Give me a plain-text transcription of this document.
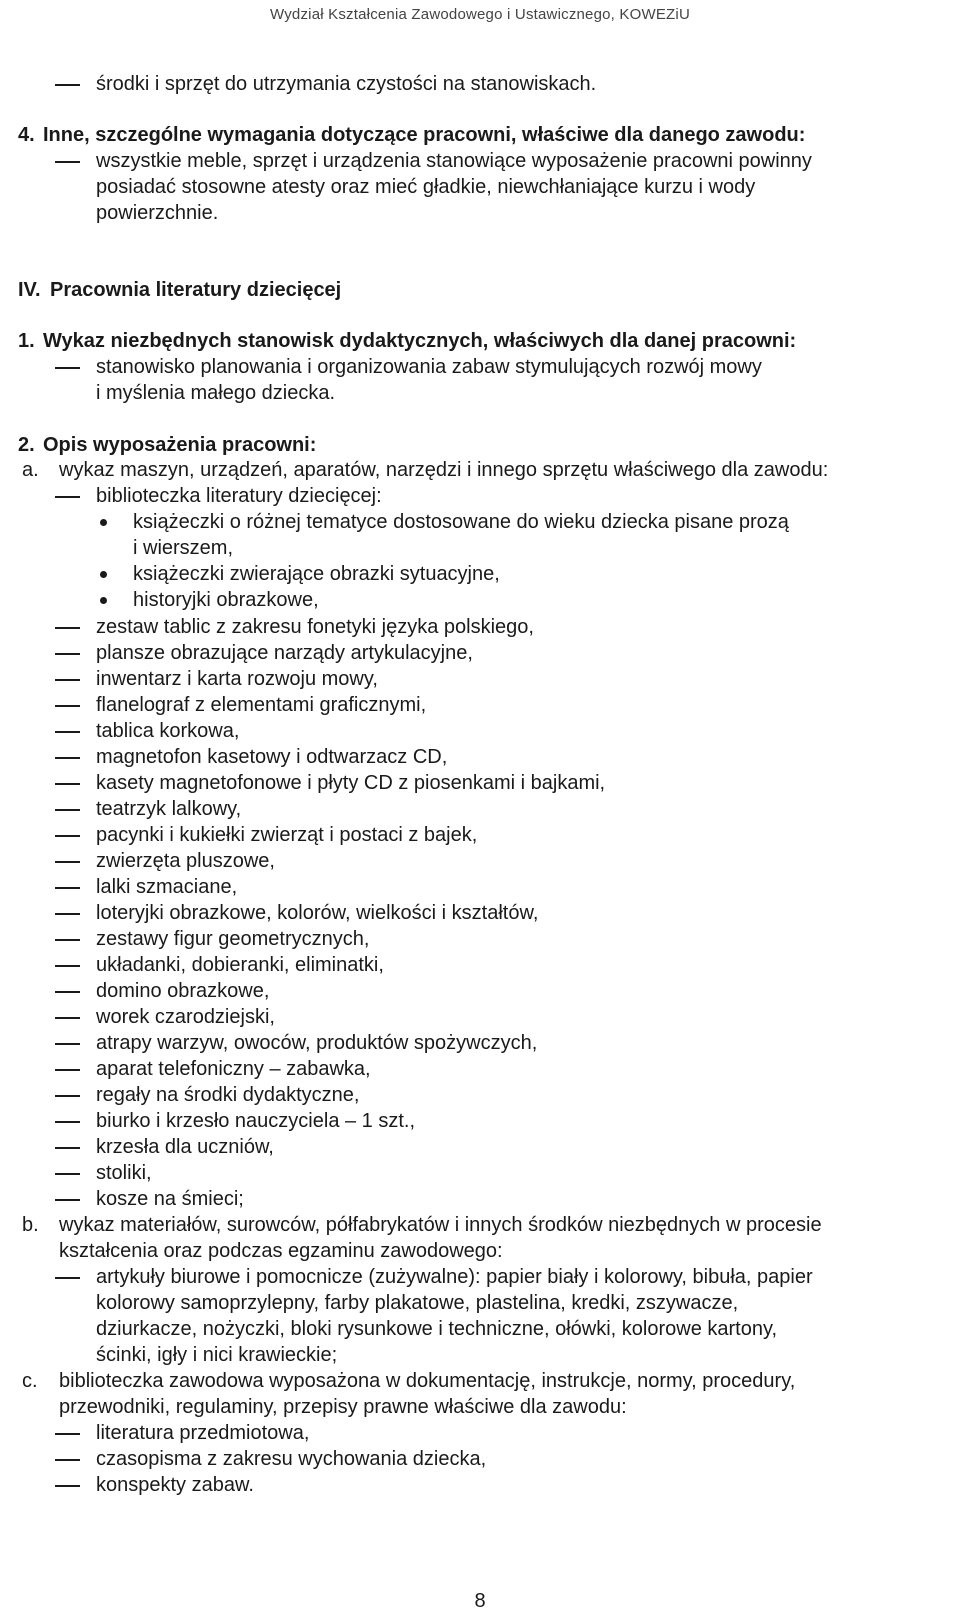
Wydział Kształcenia Zawodowego i Ustawicznego, KOWEZiU
środki i sprzęt do utrzymania czystości na stanowiskach.
4. Inne, szczególne wymagania dotyczące pracowni, właściwe dla danego zawodu:
wszystkie meble, sprzęt i urządzenia stanowiące wyposażenie pracowni powinny
posiadać stosowne atesty oraz mieć gładkie, niewchłaniające kurzu i wody
powierzchnie.
IV. Pracownia literatury dziecięcej
1. Wykaz niezbędnych stanowisk dydaktycznych, właściwych dla danej pracowni:
stanowisko planowania i organizowania zabaw stymulujących rozwój mowy
i myślenia małego dziecka.
2. Opis wyposażenia pracowni:
a. wykaz maszyn, urządzeń, aparatów, narzędzi i innego sprzętu właściwego dla zawodu:
biblioteczka literatury dziecięcej:
książeczki o różnej tematyce dostosowane do wieku dziecka pisane prozą
i wierszem,
książeczki zwierające obrazki sytuacyjne,
historyjki obrazkowe,
zestaw tablic z zakresu fonetyki języka polskiego,
plansze obrazujące narządy artykulacyjne,
inwentarz i karta rozwoju mowy,
flanelograf z elementami graficznymi,
tablica korkowa,
magnetofon kasetowy i odtwarzacz CD,
kasety magnetofonowe i płyty CD z piosenkami i bajkami,
teatrzyk lalkowy,
pacynki i kukiełki zwierząt i postaci z bajek,
zwierzęta pluszowe,
lalki szmaciane,
loteryjki obrazkowe, kolorów, wielkości i kształtów,
zestawy figur geometrycznych,
układanki, dobieranki, eliminatki,
domino obrazkowe,
worek czarodziejski,
atrapy warzyw, owoców, produktów spożywczych,
aparat telefoniczny – zabawka,
regały na środki dydaktyczne,
biurko i krzesło nauczyciela – 1 szt.,
krzesła dla uczniów,
stoliki,
kosze na śmieci;
b. wykaz materiałów, surowców, półfabrykatów i innych środków niezbędnych w procesie
kształcenia oraz podczas egzaminu zawodowego:
artykuły biurowe i pomocnicze (zużywalne): papier biały i kolorowy, bibuła, papier
kolorowy samoprzylepny, farby plakatowe, plastelina, kredki, zszywacze,
dziurkacze, nożyczki, bloki rysunkowe i techniczne, ołówki, kolorowe kartony,
ścinki, igły i nici krawieckie;
c. biblioteczka zawodowa wyposażona w dokumentację, instrukcje, normy, procedury,
przewodniki, regulaminy, przepisy prawne właściwe dla zawodu:
literatura przedmiotowa,
czasopisma z zakresu wychowania dziecka,
konspekty zabaw.
8
